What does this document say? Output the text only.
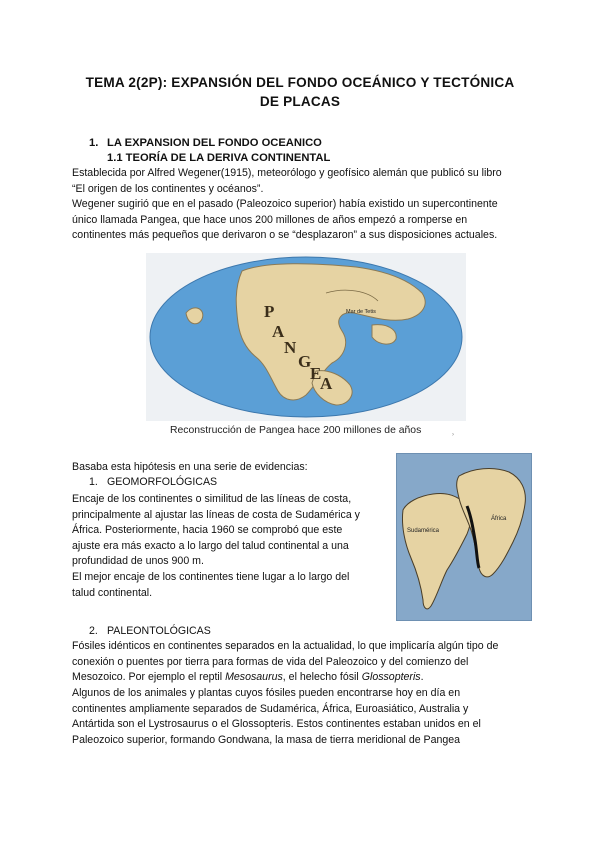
TEMA 2(2P): EXPANSIÓN DEL FONDO OCEÁNICO Y TECTÓNICA
DE PLACAS
1. LA EXPANSION DEL FONDO OCEANICO
1.1 TEORÍA DE LA DERIVA CONTINENTAL
Establecida por Alfred Wegener(1915), meteorólogo y geofísico alemán que publicó su libro
“El origen de los continentes y océanos”.
Wegener sugirió que en el pasado (Paleozoico superior) había existido un supercontinente
único llamada Pangea, que hace unos 200 millones de años empezó a romperse en
continentes más pequeños que derivaron o se “desplazaron” a sus disposiciones actuales.
P
A
N
G
E
A
Mar de Tetis
Reconstrucción de Pangea hace 200 millones de años	›
Basaba esta hipótesis en una serie de evidencias:
1. GEOMORFOLÓGICAS
Encaje de los continentes o similitud de las líneas de costa,
principalmente al ajustar las líneas de costa de Sudamérica y
África. Posteriormente, hacia 1960 se comprobó que este
ajuste era más exacto a lo largo del talud continental a una
profundidad de unos 900 m.
El mejor encaje de los continentes tiene lugar a lo largo del
talud continental.
Sudamérica
África
2. PALEONTOLÓGICAS
Fósiles idénticos en continentes separados en la actualidad, lo que implicaría algún tipo de
conexión o puentes por tierra para formas de vida del Paleozoico y del comienzo del
Mesozoico. Por ejemplo el reptil Mesosaurus, el helecho fósil Glossopteris.
Algunos de los animales y plantas cuyos fósiles pueden encontrarse hoy en día en
continentes ampliamente separados de Sudamérica, África, Euroasiático, Australia y
Antártida son el Lystrosaurus o el Glossopteris. Estos continentes estaban unidos en el
Paleozoico superior, formando Gondwana, la masa de tierra meridional de Pangea
